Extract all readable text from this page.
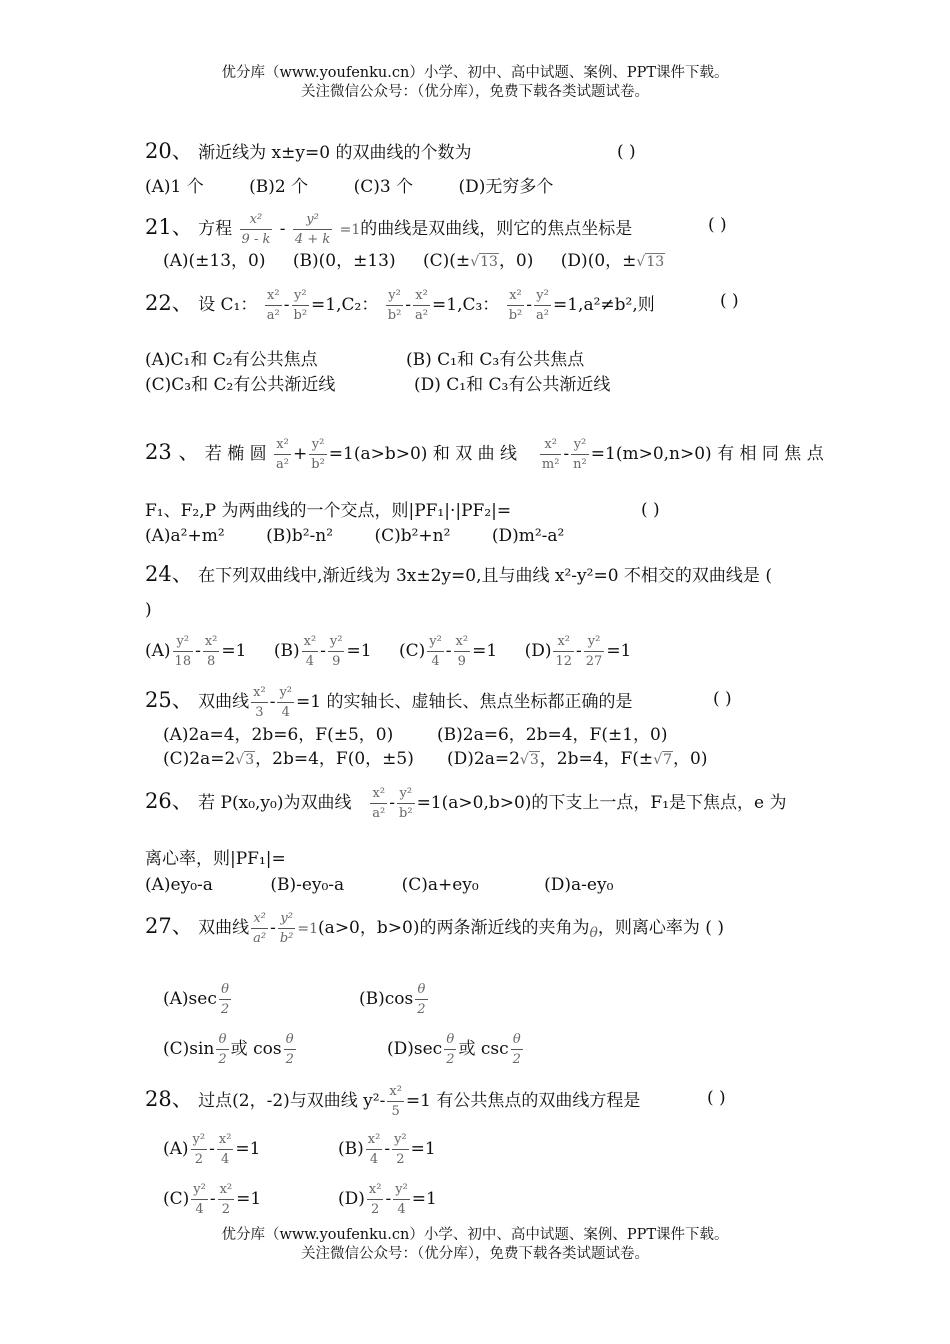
优分库（www.youfenku.cn）小学、初中、高中试题、案例、PPT课件下载。
关注微信公众号：（优分库），免费下载各类试题试卷。
20、 渐近线为 x±y=0 的双曲线的个数为	( )
(A)1 个	(B)2 个	(C)3 个	(D)无穷多个
21、 方程 $\frac{\text{x²}}{9 - k} - \frac{\text{y²}}{4 + k} =1$的曲线是双曲线，则它的焦点坐标是	( )
(A)(±13，0) (B)(0，±13) (C)(±√13，0) (D)(0，±√13
22、 设 C₁： $\frac{\text{x²}}{\text{a²}} - \frac{\text{y²}}{\text{b²}} =1,C_2$： $\frac{\text{y²}}{\text{b²}} - \frac{\text{x²}}{\text{a²}} =1,C_3$： $\frac{\text{x²}}{\text{b²}} - \frac{\text{y²}}{\text{a²}} =1,a^2\ne b^2$,则	( )
(A)C₁和 C₂有公共焦点	(B) C₁和 C₃有公共焦点
(C)C₃和 C₂有公共渐近线	(D) C₁和 C₃有公共渐近线
23 、 若 椭 圆 $\frac{\text{x²}}{\text{a²}} + \frac{\text{y²}}{\text{b²}} =1(a>b>0)$ 和 双 曲 线 $\frac{\text{x²}}{\text{m²}} - \frac{\text{y²}}{\text{n²}} =1(m>0,n>0)$ 有 相 同 焦 点
F₁、F₂,P 为两曲线的一个交点，则|PF₁|·|PF₂|=	( )
(A)a²+m² (B)b²-n² (C)b²+n² (D)m²-a²
24、 在下列双曲线中,渐近线为 3x±2y=0,且与曲线 x²-y²=0 不相交的双曲线是 (
)
$(A) \frac{\text{y²}}{18} - \frac{\text{x²}}{8} =1$ $(B) \frac{\text{x²}}{4} - \frac{\text{y²}}{9} =1$ $(C) \frac{\text{y²}}{4} - \frac{\text{x²}}{9} =1$ $(D) \frac{\text{x²}}{12} - \frac{\text{y²}}{27} =1$
25、 双曲线 $\frac{\text{x²}}{3} - \frac{\text{y²}}{4} =1$ 的实轴长、虚轴长、焦点坐标都正确的是	( )
(A)2a=4，2b=6，F(±5，0)	(B)2a=6，2b=4，F(±1，0)
(C)2a=2√3，2b=4，F(0，±5) (D)2a=2√3，2b=4，F(±√7，0)
26、 若 P(x₀,y₀)为双曲线 $\frac{\text{x²}}{\text{a²}} - \frac{\text{y²}}{\text{b²}} =1(a>0,b>0)$的下支上一点，F₁是下焦点，e 为
离心率，则|PF₁|=
(A)ey₀-a	(B)-ey₀-a	(C)a+ey₀	(D)a-ey₀
27、 双曲线 $\frac{\text{x²}}{\text{a²}} - \frac{\text{y²}}{\text{b²}} =1(a>0$，b>0)的两条渐近线的夹角为$_\theta$，则离心率为 ( )
$(A)\sec \frac{\theta}{2}$	$(B)\cos \frac{\theta}{2}$
$(C)\sin \frac{\theta}{2}$ 或 $\cos \frac{\theta}{2}$	$(D)\sec \frac{\theta}{2}$ 或 $\csc \frac{\theta}{2}$
28、 过点(2，-2)与双曲线 $y^2- \frac{\text{x²}}{5} =1$ 有公共焦点的双曲线方程是	( )
$(A) \frac{\text{y²}}{2} - \frac{\text{x²}}{4} =1$	$(B) \frac{\text{x²}}{4} - \frac{\text{y²}}{2} =1$
$(C) \frac{\text{y²}}{4} - \frac{\text{x²}}{2} =1$	$(D) \frac{\text{x²}}{2} - \frac{\text{y²}}{4} =1$
优分库（www.youfenku.cn）小学、初中、高中试题、案例、PPT课件下载。
关注微信公众号：（优分库），免费下载各类试题试卷。
